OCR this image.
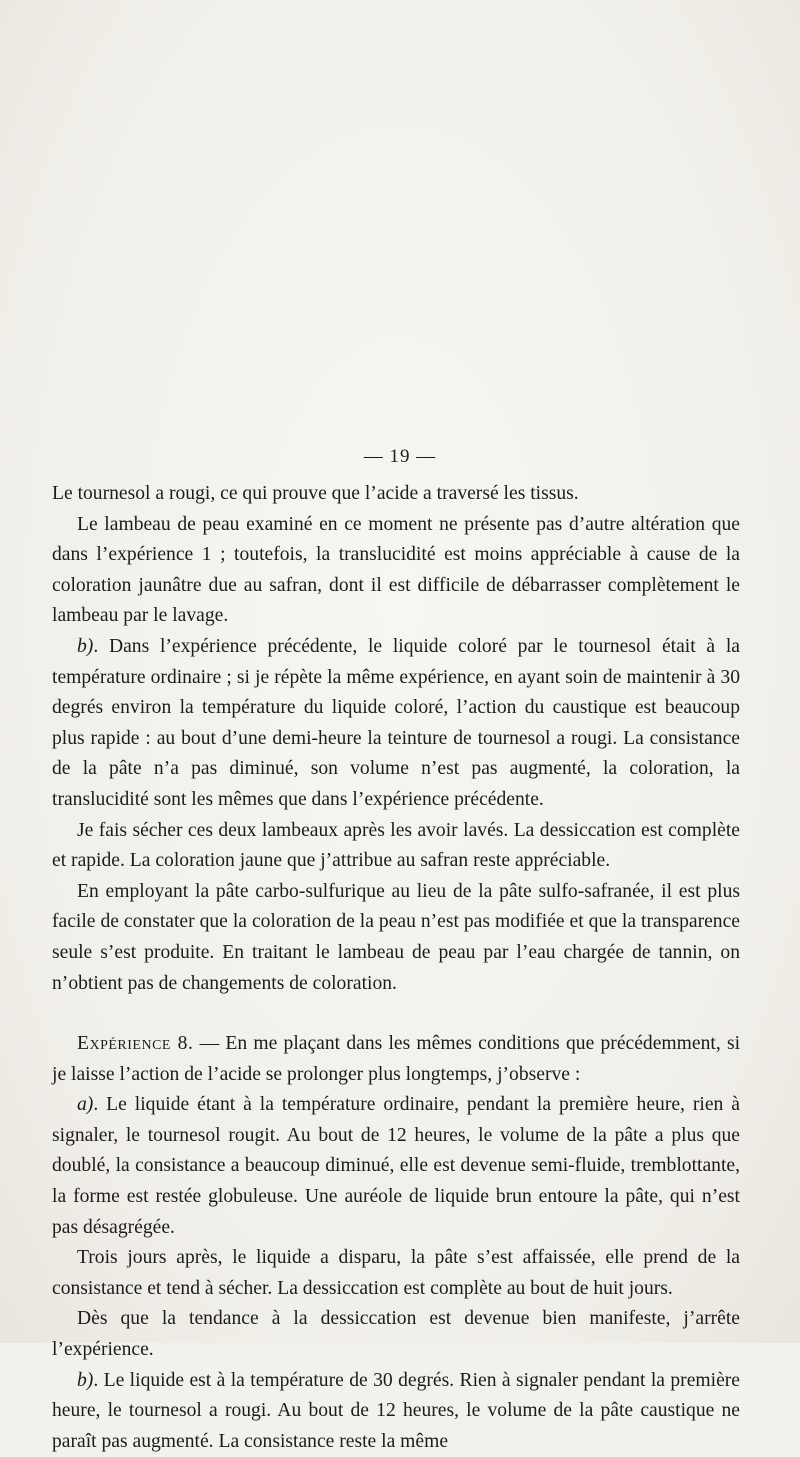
— 19 —

Le tournesol a rougi, ce qui prouve que l’acide a traversé les tissus.

Le lambeau de peau examiné en ce moment ne présente pas d’autre altération que dans l’expérience 1 ; toutefois, la translucidité est moins appréciable à cause de la coloration jaunâtre due au safran, dont il est difficile de débarrasser complètement le lambeau par le lavage.

b). Dans l’expérience précédente, le liquide coloré par le tournesol était à la température ordinaire ; si je répète la même expérience, en ayant soin de maintenir à 30 degrés environ la température du liquide coloré, l’action du caustique est beaucoup plus rapide : au bout d’une demi-heure la teinture de tournesol a rougi. La consistance de la pâte n’a pas diminué, son volume n’est pas augmenté, la coloration, la translucidité sont les mêmes que dans l’expérience précédente.

Je fais sécher ces deux lambeaux après les avoir lavés. La dessiccation est complète et rapide. La coloration jaune que j’attribue au safran reste appréciable.

En employant la pâte carbo-sulfurique au lieu de la pâte sulfo-safranée, il est plus facile de constater que la coloration de la peau n’est pas modifiée et que la transparence seule s’est produite. En traitant le lambeau de peau par l’eau chargée de tannin, on n’obtient pas de changements de coloration.

Expérience 8. — En me plaçant dans les mêmes conditions que précédemment, si je laisse l’action de l’acide se prolonger plus longtemps, j’observe :

a). Le liquide étant à la température ordinaire, pendant la première heure, rien à signaler, le tournesol rougit. Au bout de 12 heures, le volume de la pâte a plus que doublé, la consistance a beaucoup diminué, elle est devenue semi-fluide, tremblottante, la forme est restée globuleuse. Une auréole de liquide brun entoure la pâte, qui n’est pas désagrégée.

Trois jours après, le liquide a disparu, la pâte s’est affaissée, elle prend de la consistance et tend à sécher. La dessiccation est complète au bout de huit jours.

Dès que la tendance à la dessiccation est devenue bien manifeste, j’arrête l’expérience.

b). Le liquide est à la température de 30 degrés. Rien à signaler pendant la première heure, le tournesol a rougi. Au bout de 12 heures, le volume de la pâte caustique ne paraît pas augmenté. La consistance reste la même
